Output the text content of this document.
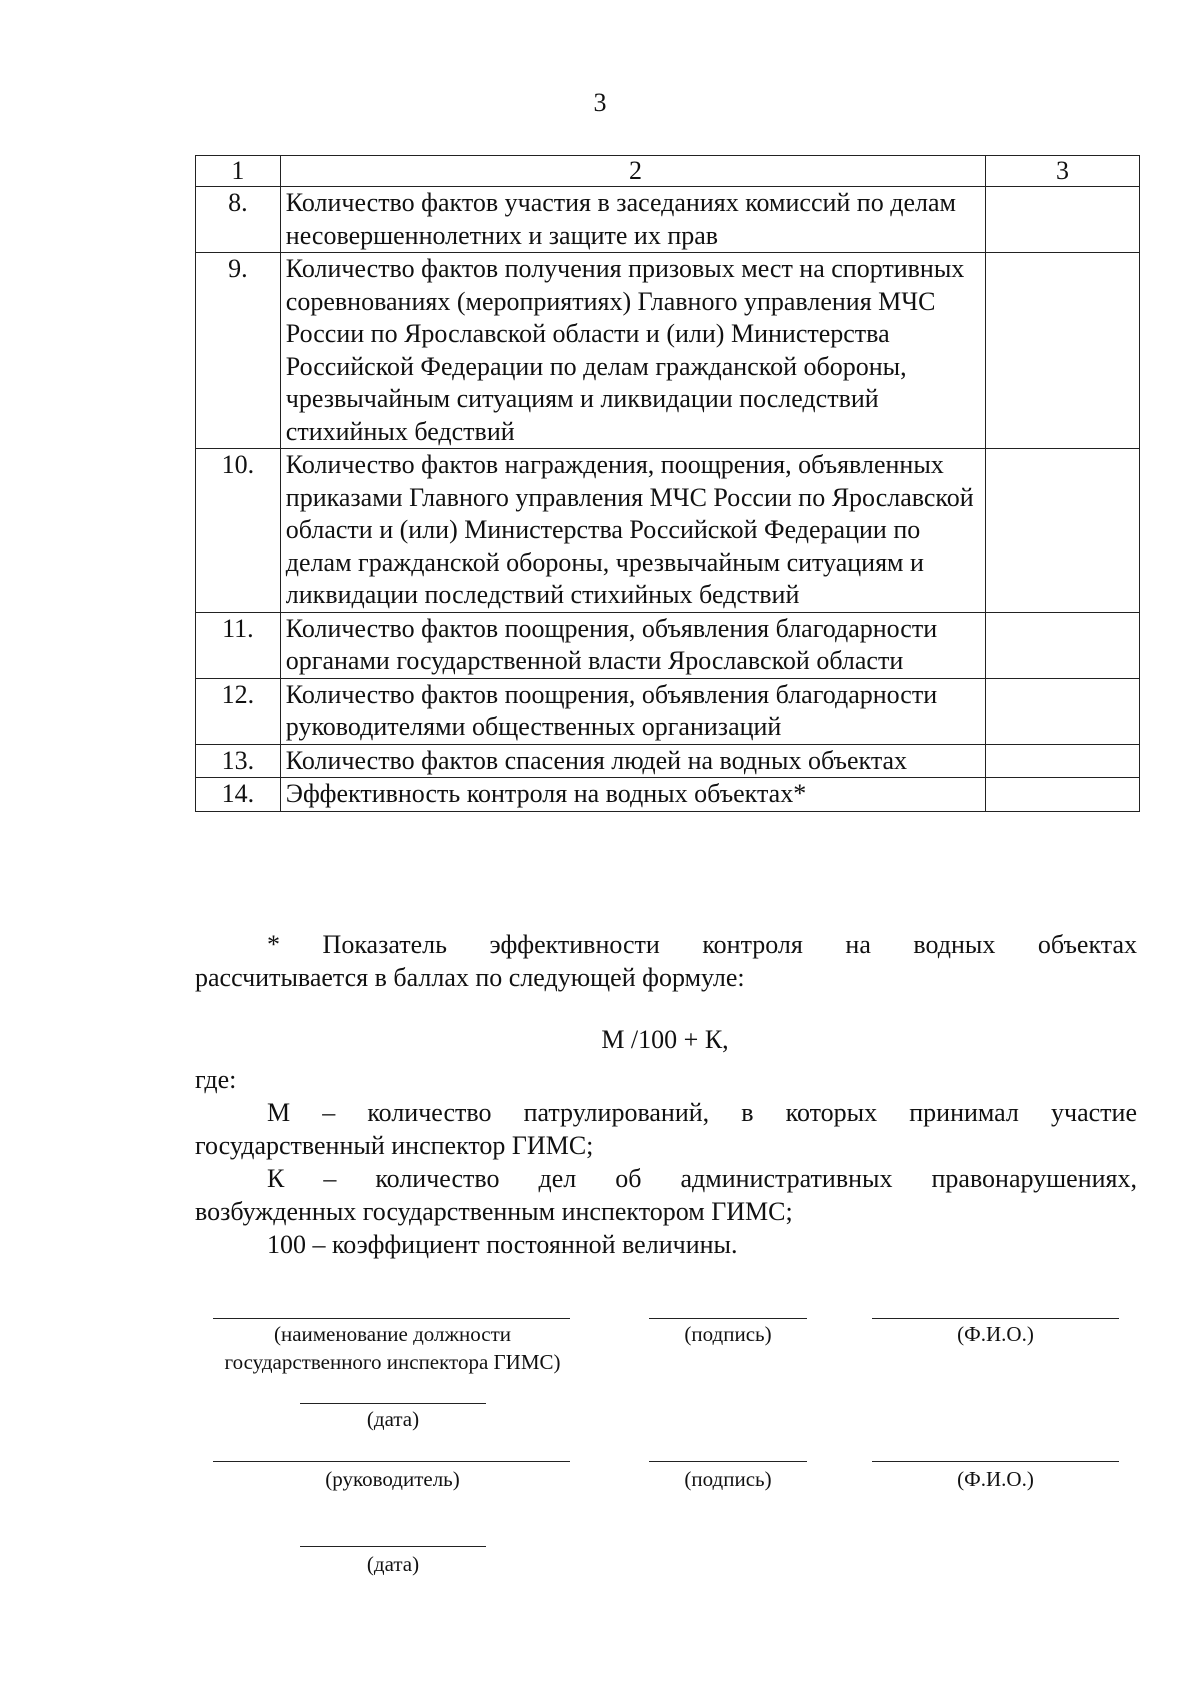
3
1	2	3
8.	Количество фактов участия в заседаниях комиссий по делам несовершеннолетних и защите их прав	
9.	Количество фактов получения призовых мест на спортивных соревнованиях (мероприятиях) Главного управления МЧС России по Ярославской области и (или) Министерства Российской Федерации по делам гражданской обороны, чрезвычайным ситуациям и ликвидации последствий стихийных бедствий	
10.	Количество фактов награждения, поощрения, объявленных приказами Главного управления МЧС России по Ярославской области и (или) Министерства Российской Федерации по делам гражданской обороны, чрезвычайным ситуациям и ликвидации последствий стихийных бедствий	
11.	Количество фактов поощрения, объявления благодарности органами государственной власти Ярославской области	
12.	Количество фактов поощрения, объявления благодарности руководителями общественных организаций	
13.	Количество фактов спасения людей на водных объектах	
14.	Эффективность контроля на водных объектах*	
* Показатель эффективности контроля на водных объектах
рассчитывается в баллах по следующей формуле:
М /100 + К,

где:

М – количество патрулирований, в которых принимал участие

государственный инспектор ГИМС;

К – количество дел об административных правонарушениях,

возбужденных государственным инспектором ГИМС;

100 – коэффициент постоянной величины.

(наименование должности
государственного инспектора ГИМС)
(подпись)	(Ф.И.О.)
(дата)
(руководитель)	(подпись)	(Ф.И.О.)
(дата)
